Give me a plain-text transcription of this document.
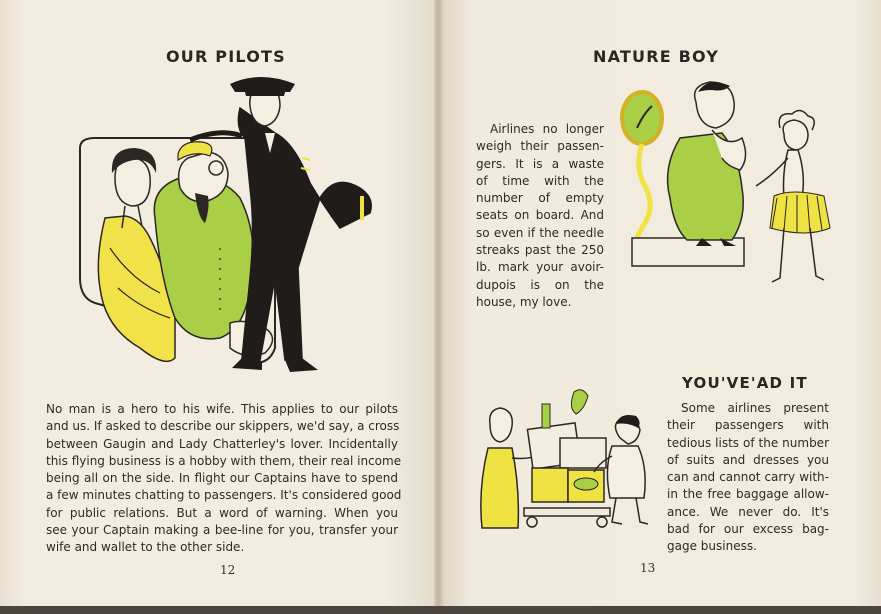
OUR PILOTS
No man is a hero to his wife. This applies to our pilots
and us. If asked to describe our skippers, we'd say, a cross
between Gaugin and Lady Chatterley's lover. Incidentally
this flying business is a hobby with them, their real income
being all on the side. In flight our Captains have to spend
a few minutes chatting to passengers. It's considered good
for public relations. But a word of warning. When you
see your Captain making a bee-line for you, transfer your
wife and wallet to the other side.
12
NATURE BOY
Airlines no longer
weigh their passen-
gers. It is a waste
of time with the
number of empty
seats on board. And
so even if the needle
streaks past the 250
lb. mark your avoir-
dupois is on the
house, my love.
YOU'VE'AD IT
Some airlines present
their passengers with
tedious lists of the number
of suits and dresses you
can and cannot carry with-
in the free baggage allow-
ance. We never do. It's
bad for our excess bag-
gage business.
13
